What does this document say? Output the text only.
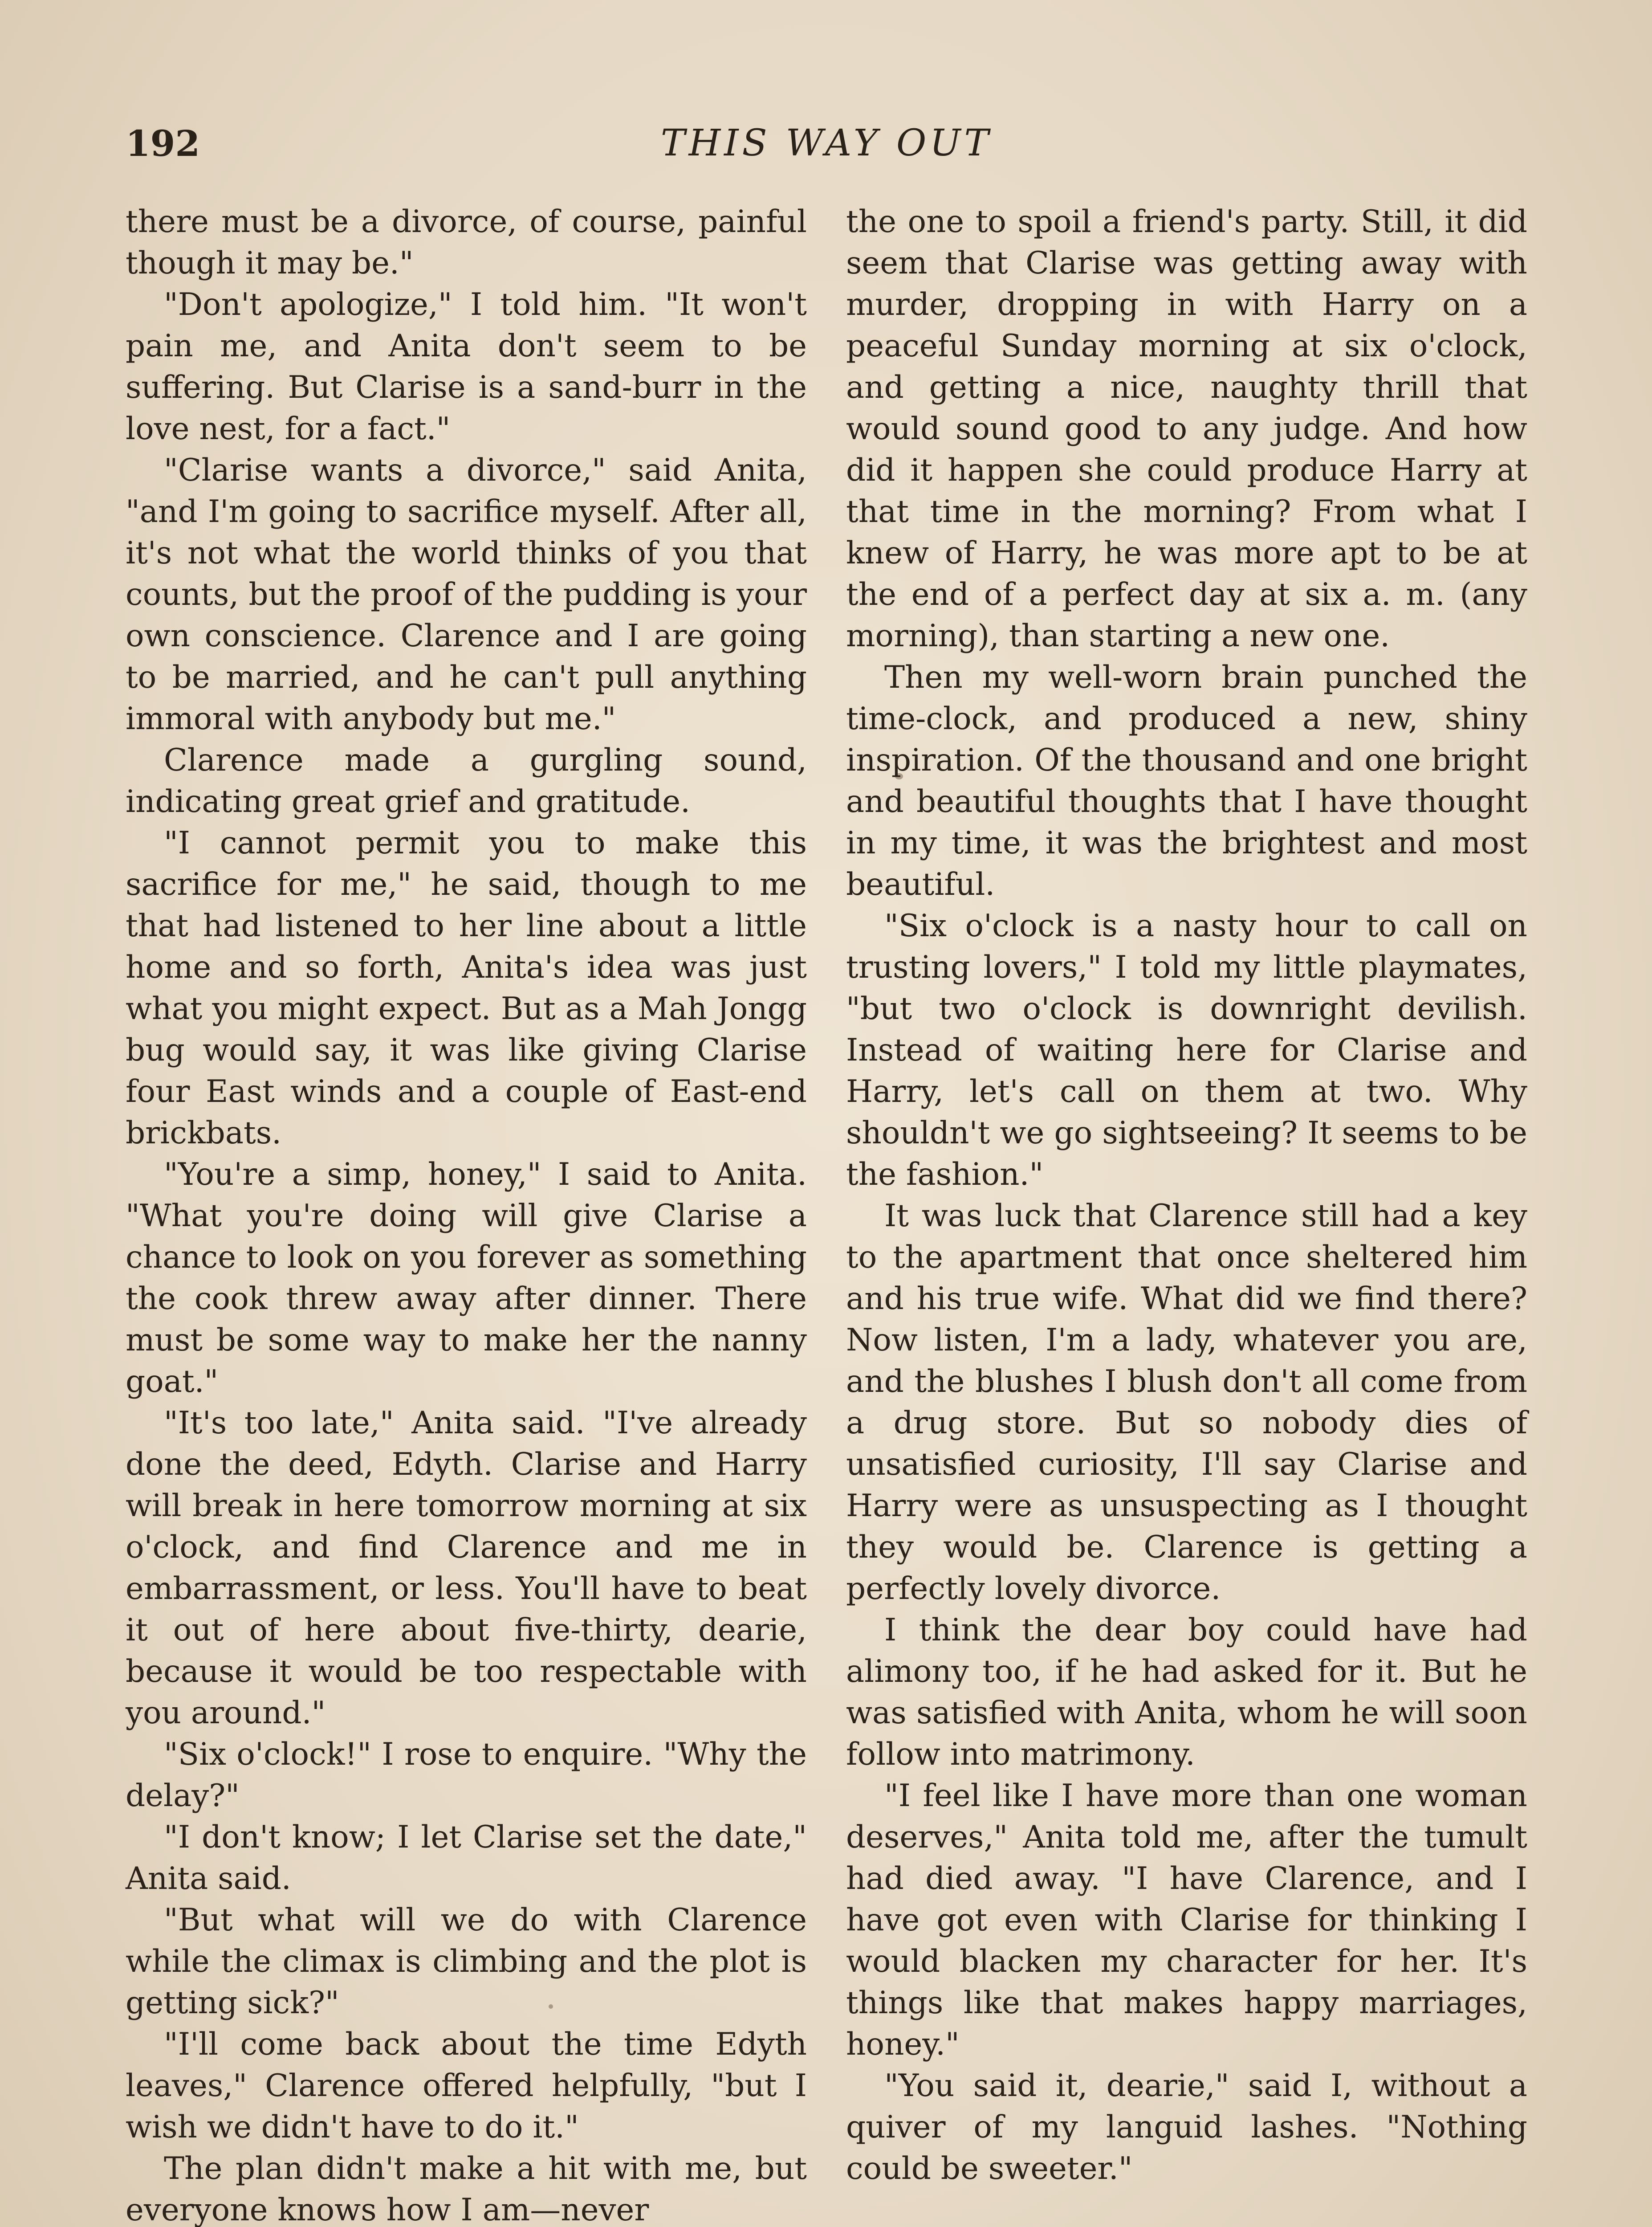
192	THIS WAY OUT

there must be a divorce, of course, painful though it may be."

"Don't apologize," I told him. "It won't pain me, and Anita don't seem to be suffering. But Clarise is a sand-burr in the love nest, for a fact."

"Clarise wants a divorce," said Anita, "and I'm going to sacrifice myself. After all, it's not what the world thinks of you that counts, but the proof of the pudding is your own conscience. Clarence and I are going to be married, and he can't pull anything immoral with anybody but me."

Clarence made a gurgling sound, indicating great grief and gratitude.

"I cannot permit you to make this sacrifice for me," he said, though to me that had listened to her line about a little home and so forth, Anita's idea was just what you might expect. But as a Mah Jongg bug would say, it was like giving Clarise four East winds and a couple of East-end brickbats.

"You're a simp, honey," I said to Anita. "What you're doing will give Clarise a chance to look on you forever as something the cook threw away after dinner. There must be some way to make her the nanny goat."

"It's too late," Anita said. "I've already done the deed, Edyth. Clarise and Harry will break in here tomorrow morning at six o'clock, and find Clarence and me in embarrassment, or less. You'll have to beat it out of here about five-thirty, dearie, because it would be too respectable with you around."

"Six o'clock!" I rose to enquire. "Why the delay?"

"I don't know; I let Clarise set the date," Anita said.

"But what will we do with Clarence while the climax is climbing and the plot is getting sick?"

"I'll come back about the time Edyth leaves," Clarence offered helpfully, "but I wish we didn't have to do it."

The plan didn't make a hit with me, but everyone knows how I am—never

the one to spoil a friend's party. Still, it did seem that Clarise was getting away with murder, dropping in with Harry on a peaceful Sunday morning at six o'clock, and getting a nice, naughty thrill that would sound good to any judge. And how did it happen she could produce Harry at that time in the morning? From what I knew of Harry, he was more apt to be at the end of a perfect day at six a. m. (any morning), than starting a new one.

Then my well-worn brain punched the time-clock, and produced a new, shiny inspiration. Of the thousand and one bright and beautiful thoughts that I have thought in my time, it was the brightest and most beautiful.

"Six o'clock is a nasty hour to call on trusting lovers," I told my little playmates, "but two o'clock is downright devilish. Instead of waiting here for Clarise and Harry, let's call on them at two. Why shouldn't we go sightseeing? It seems to be the fashion."

It was luck that Clarence still had a key to the apartment that once sheltered him and his true wife. What did we find there? Now listen, I'm a lady, whatever you are, and the blushes I blush don't all come from a drug store. But so nobody dies of unsatisfied curiosity, I'll say Clarise and Harry were as unsuspecting as I thought they would be. Clarence is getting a perfectly lovely divorce.

I think the dear boy could have had alimony too, if he had asked for it. But he was satisfied with Anita, whom he will soon follow into matrimony.

"I feel like I have more than one woman deserves," Anita told me, after the tumult had died away. "I have Clarence, and I have got even with Clarise for thinking I would blacken my character for her. It's things like that makes happy marriages, honey."

"You said it, dearie," said I, without a quiver of my languid lashes. "Nothing could be sweeter."
